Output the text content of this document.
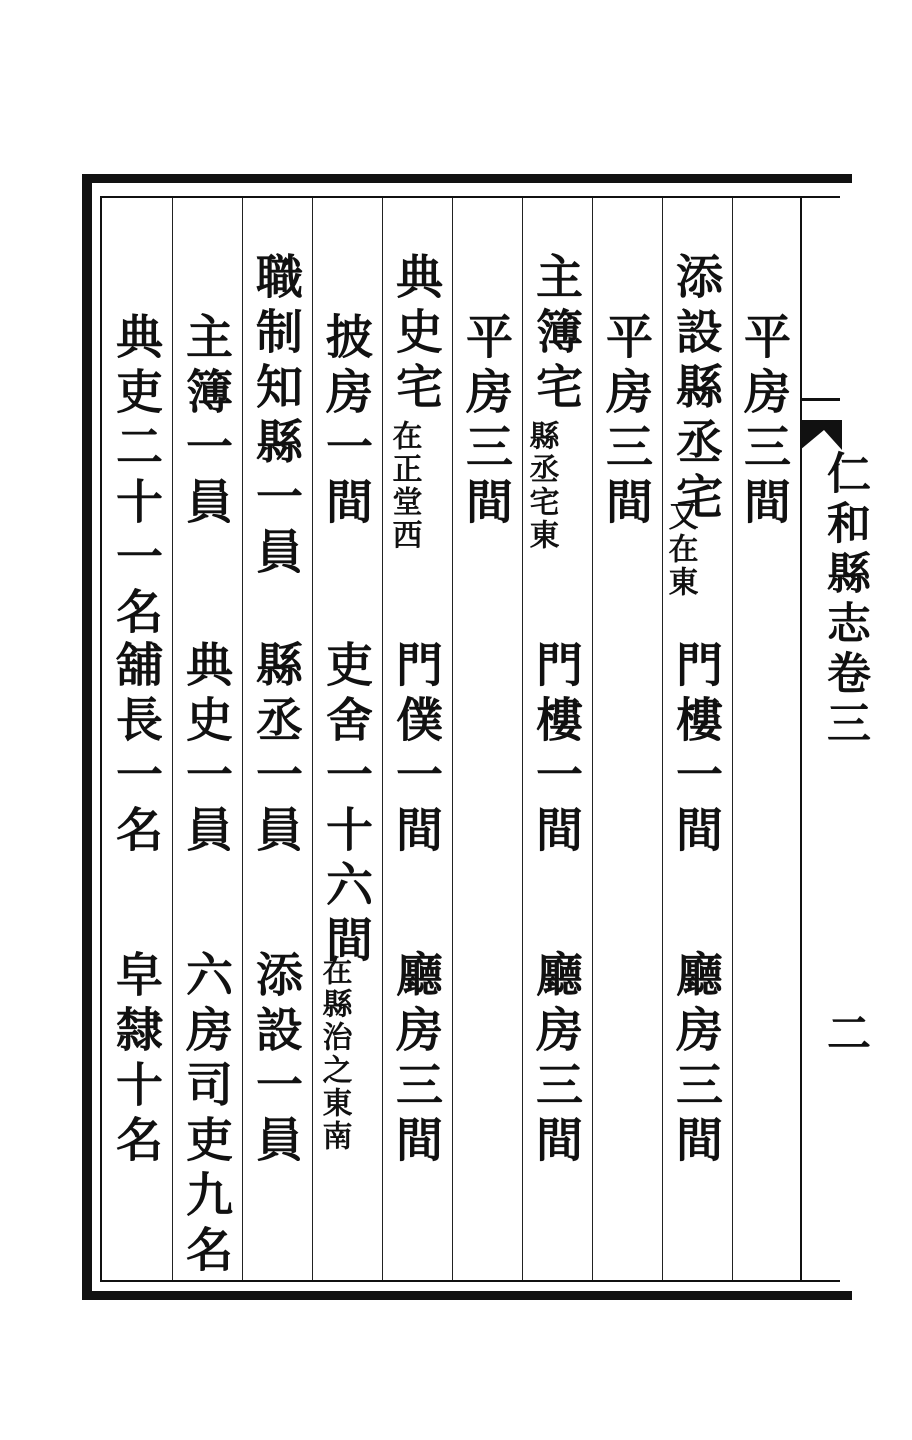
仁和縣志卷三
二
平房三間
添設縣丞宅
又在東
門樓一間
廳房三間
平房三間
主簿宅
縣丞宅東
門樓一間
廳房三間
平房三間
典史宅
在正堂西
門僕一間
廳房三間
披房一間
吏舍一十六間
在縣治之東南
職制知縣一員
縣丞一員
添設一員
主簿一員
典史一員
六房司吏九名
典吏二十一名
舖長一名
皁隸十名
